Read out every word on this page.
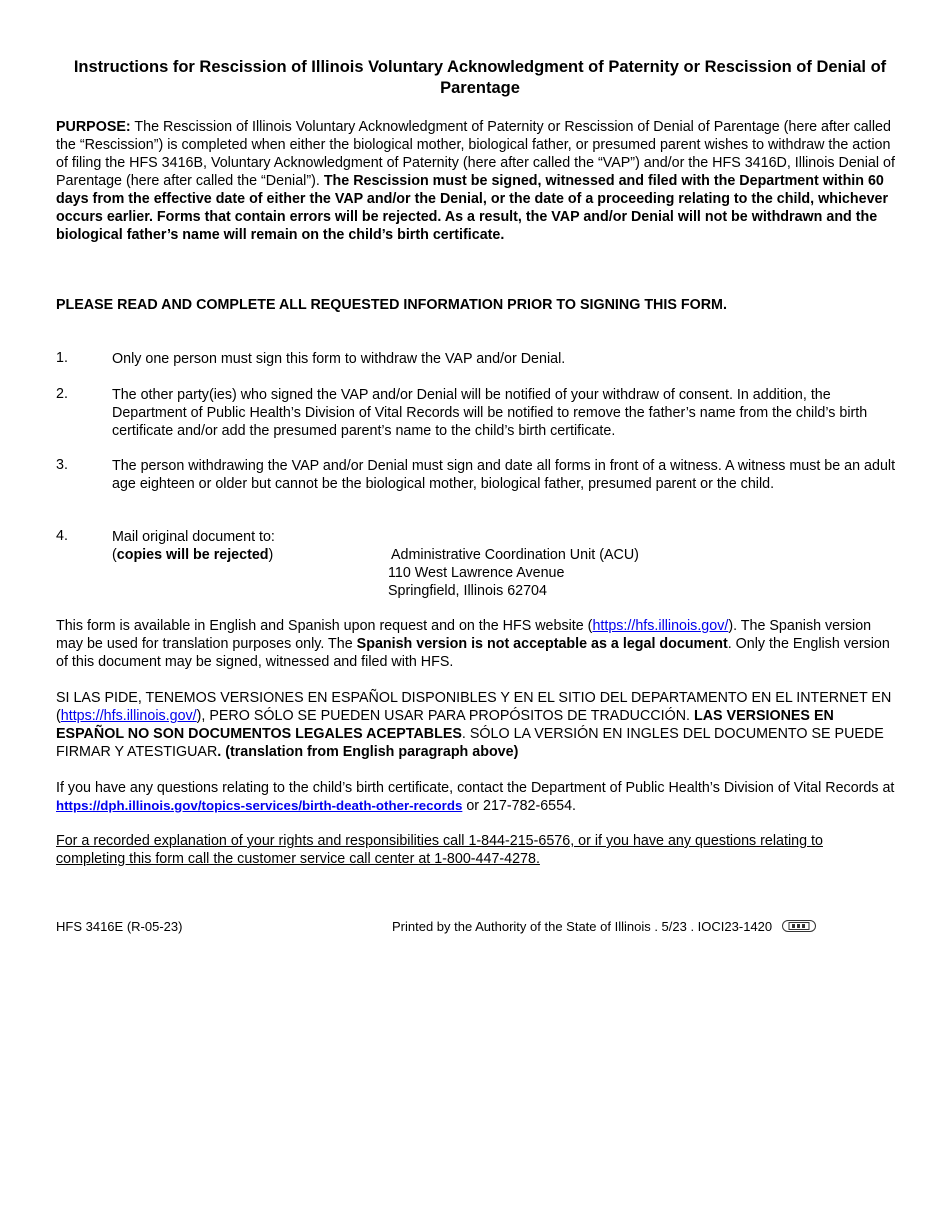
Instructions for Rescission of Illinois Voluntary Acknowledgment of Paternity or Rescission of Denial of Parentage
PURPOSE: The Rescission of Illinois Voluntary Acknowledgment of Paternity or Rescission of Denial of Parentage (here after called the “Rescission”) is completed when either the biological mother, biological father, or presumed parent wishes to withdraw the action of filing the HFS 3416B, Voluntary Acknowledgment of Paternity (here after called the “VAP”) and/or the HFS 3416D, Illinois Denial of Parentage (here after called the “Denial”). The Rescission must be signed, witnessed and filed with the Department within 60 days from the effective date of either the VAP and/or the Denial, or the date of a proceeding relating to the child, whichever occurs earlier. Forms that contain errors will be rejected. As a result, the VAP and/or Denial will not be withdrawn and the biological father’s name will remain on the child’s birth certificate.
PLEASE READ AND COMPLETE ALL REQUESTED INFORMATION PRIOR TO SIGNING THIS FORM.
1.	Only one person must sign this form to withdraw the VAP and/or Denial.
2.	The other party(ies) who signed the VAP and/or Denial will be notified of your withdraw of consent. In addition, the Department of Public Health’s Division of Vital Records will be notified to remove the father’s name from the child’s birth certificate and/or add the presumed parent’s name to the child’s birth certificate.
3.	The person withdrawing the VAP and/or Denial must sign and date all forms in front of a witness. A witness must be an adult age eighteen or older but cannot be the biological mother, biological father, presumed parent or the child.
4.	Mail original document to:
(copies will be rejected)	Administrative Coordination Unit (ACU)
110 West Lawrence Avenue
Springfield, Illinois 62704
This form is available in English and Spanish upon request and on the HFS website (https://hfs.illinois.gov/). The Spanish version may be used for translation purposes only. The Spanish version is not acceptable as a legal document. Only the English version of this document may be signed, witnessed and filed with HFS.
SI LAS PIDE, TENEMOS VERSIONES EN ESPAÑOL DISPONIBLES Y EN EL SITIO DEL DEPARTAMENTO EN EL INTERNET EN (https://hfs.illinois.gov/), PERO SÓLO SE PUEDEN USAR PARA PROPÓSITOS DE TRADUCCIÓN. LAS VERSIONES EN ESPAÑOL NO SON DOCUMENTOS LEGALES ACEPTABLES. SÓLO LA VERSIÓN EN INGLES DEL DOCUMENTO SE PUEDE FIRMAR Y ATESTIGUAR. (translation from English paragraph above)
If you have any questions relating to the child’s birth certificate, contact the Department of Public Health’s Division of Vital Records at https://dph.illinois.gov/topics-services/birth-death-other-records or 217-782-6554.
For a recorded explanation of your rights and responsibilities call 1-844-215-6576, or if you have any questions relating to completing this form call the customer service call center at 1-800-447-4278.
HFS 3416E (R-05-23)	Printed by the Authority of the State of Illinois . 5/23 . IOCI23-1420
